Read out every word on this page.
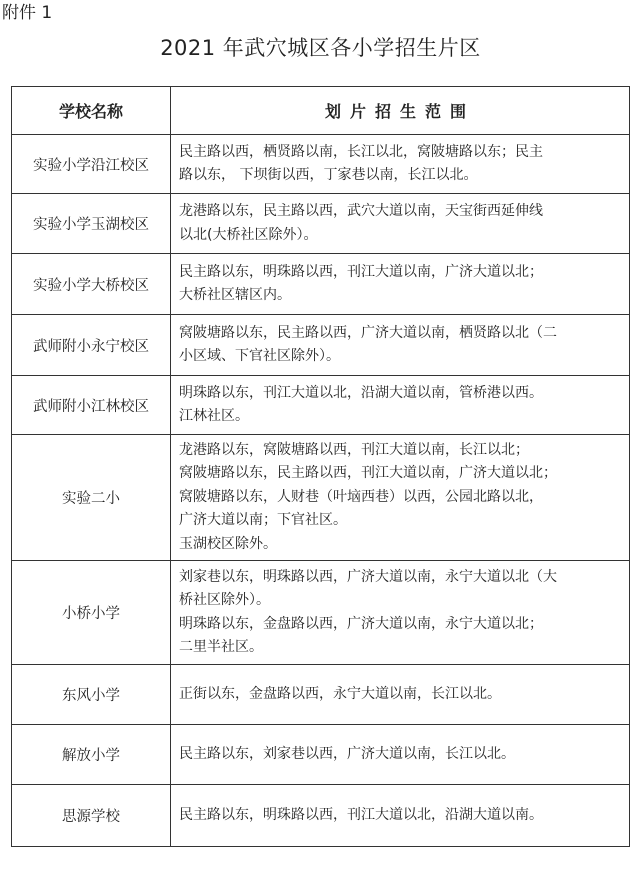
附件 1
2021 年武穴城区各小学招生片区
学校名称	划片招生范围
实验小学沿江校区	民主路以西，栖贤路以南，长江以北，窝陂塘路以东；民主
路以东， 下坝街以西，丁家巷以南，长江以北。

实验小学玉湖校区	龙港路以东，民主路以西，武穴大道以南，天宝街西延伸线
以北(大桥社区除外）。

实验小学大桥校区	民主路以东，明珠路以西，刊江大道以南，广济大道以北；
大桥社区辖区内。

武师附小永宁校区	窝陂塘路以东，民主路以西，广济大道以南，栖贤路以北（二
小区域、下官社区除外）。

武师附小江林校区	明珠路以东，刊江大道以北，沿湖大道以南，管桥港以西。
江林社区。

实验二小	龙港路以东，窝陂塘路以西，刊江大道以南，长江以北；
窝陂塘路以东，民主路以西，刊江大道以南，广济大道以北；
窝陂塘路以东，人财巷（叶垴西巷）以西，公园北路以北，
广济大道以南；下官社区。
玉湖校区除外。

小桥小学	刘家巷以东，明珠路以西，广济大道以南，永宁大道以北（大
桥社区除外）。
明珠路以东，金盘路以西，广济大道以南，永宁大道以北；
二里半社区。

东风小学	正街以东，金盘路以西，永宁大道以南，长江以北。

解放小学	民主路以东，刘家巷以西，广济大道以南，长江以北。

思源学校	民主路以东，明珠路以西，刊江大道以北，沿湖大道以南。
